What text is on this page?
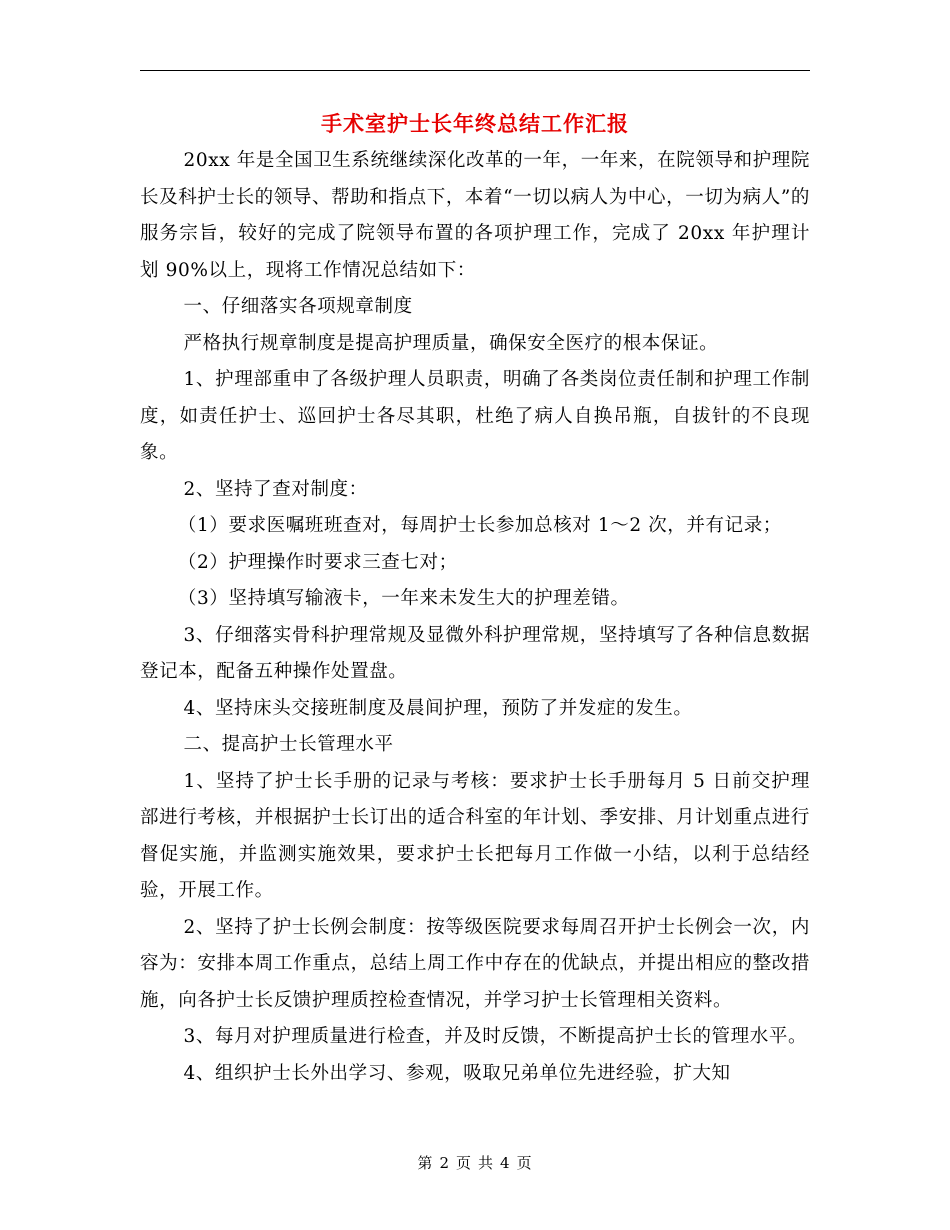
手术室护士长年终总结工作汇报

20xx 年是全国卫生系统继续深化改革的一年，一年来，在院领导和护理院长及科护士长的领导、帮助和指点下，本着“一切以病人为中心，一切为病人”的服务宗旨，较好的完成了院领导布置的各项护理工作，完成了 20xx 年护理计划 90%以上，现将工作情况总结如下：

一、仔细落实各项规章制度

严格执行规章制度是提高护理质量，确保安全医疗的根本保证。

1、护理部重申了各级护理人员职责，明确了各类岗位责任制和护理工作制度，如责任护士、巡回护士各尽其职，杜绝了病人自换吊瓶，自拔针的不良现象。

2、坚持了查对制度：

（1）要求医嘱班班查对，每周护士长参加总核对 1～2 次，并有记录；

（2）护理操作时要求三查七对；

（3）坚持填写输液卡，一年来未发生大的护理差错。

3、仔细落实骨科护理常规及显微外科护理常规，坚持填写了各种信息数据登记本，配备五种操作处置盘。

4、坚持床头交接班制度及晨间护理，预防了并发症的发生。

二、提高护士长管理水平

1、坚持了护士长手册的记录与考核：要求护士长手册每月 5 日前交护理部进行考核，并根据护士长订出的适合科室的年计划、季安排、月计划重点进行督促实施，并监测实施效果，要求护士长把每月工作做一小结，以利于总结经验，开展工作。

2、坚持了护士长例会制度：按等级医院要求每周召开护士长例会一次，内容为：安排本周工作重点，总结上周工作中存在的优缺点，并提出相应的整改措施，向各护士长反馈护理质控检查情况，并学习护士长管理相关资料。

3、每月对护理质量进行检查，并及时反馈，不断提高护士长的管理水平。

4、组织护士长外出学习、参观，吸取兄弟单位先进经验，扩大知

第 2 页 共 4 页
